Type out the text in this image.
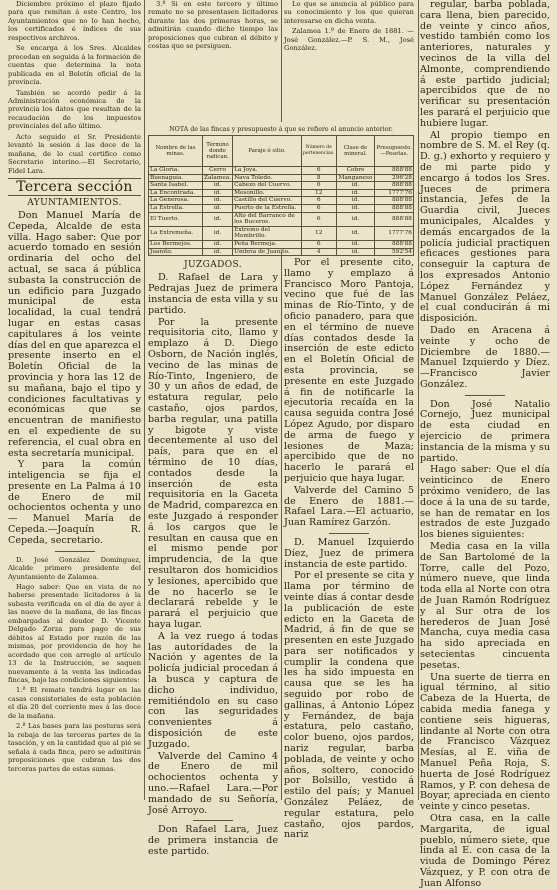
Diciembre próximo el plazo fijado para que remitan á este Centro, los Ayuntamientos que no lo han hecho, los certificados é índices de sus respectivos archivos.

Se encarga á los Sres. Alcaldes procedan en seguida á la formación de cuentas que determina la nota publicada en el Boletín oficial de la provincia.

También se acordó pedir á la Administración económica de la provincia los datos que resultan de la recaudación de los impuestos provinciales del año último.

Acto seguido el Sr. Presidente levantó la sesión á las doce de la mañana, de lo cual certifico como Secretario interino.—El Secretario, Fidel Lara.

Tercera sección
AYUNTAMIENTOS.

Don Manuel María de Cepeda, Alcalde de esta villa. Hago saber: Que por acuerdo tomado en sesión ordinaria del ocho del actual, se saca á pública subasta la construcción de un edificio para Juzgado municipal de esta localidad, la cual tendrá lugar en estas casas capitulares á los veinte días del en que aparezca el presente inserto en el Boletín Oficial de la provincia y hora las 12 de su mañana, bajo el tipo y condiciones facultativas y económicas que se encuentran de manifiesto en el expediente de su referencia, el cual obra en esta secretaría municipal.

Y para la común inteligencia se fija el presente en La Palma á 10 de Enero de mil ochocientos ochenta y uno — Manuel María de Cepeda.—Joaquín R. Cepeda, secretario.

D. José González Domínguez, Alcalde primero presidente del Ayuntamiento de Zalamea.

Hago saber: Que en vista de no haberse presentado licitadores á la subasta verificada en el día de ayer á las nueve de la mañana, de las fincas embargadas al deudor D. Vicente Delgado Zorza para pago de sus débitos al Estado por razón de las mismas, por providencia de hoy he acordado que con arreglo al artículo 13 de la Instrucción, se saquen nuevamente á la venta las indicadas fincas, bajo las condiciones siguientes:

1.ª El remate tendrá lugar en las casas consistoriales de esta población el día 20 del corriente mes á las doce de la mañana.

2.ª Las bases para las posturas será la rebaja de las terceras partes de la tasación, y en la cantidad que al pié se señala á cada finca, pero se admitirán proposiciones que cubran las dos terceras partes de estas sumas.

3.ª Si en este tercero y último remate no se presentasen licitadores durante las dos primeras horas, se admitirán cuando dicho tiempo las proposiciones que cubran el débito y costas que se persiguen.

Lo que se anuncia al público para su conocimiento y los que quieran interesarse en dicha venta.

Zalamea 1.º de Enero de 1881. —José González.—P. S. M., José González.

NOTA de las fincas y presupuesto á que se refiere el anuncio anterior.
Nombre de las minas.	Término donde radican.	Paraje ó sitio.	Número de pertenencias.	Clase de mineral.	Presupuesto.—Pesetas.
La Gloria.	Cerro	La Joya.	6	Cobre	888'88
Buenaguía.	Zalamea.	Nava Toledo.	8	Manganeso	296'28
Santa Isabel.	id.	Cabezo del Cuervo.	6	id.	888'88
La Encontrada.	id.	Mesonillo.	12	id.	1777'76
La Generosa.	id.	Castillo del Cuervo.	6	id.	888'88
La Estrella.	id.	Puerto de la Estrella.	6	id.	888'88
El Tuerto.	id.	Alto del Barranco de los Buceros.	6	id.	888'88
La Extremeña.	id.	Extremo del Membrillo.	12	id.	1777'76
Los Bermejos.	id.	Peña Bermeja.	6	id.	888'88
Juanito.	id.	Umbría de Juanito.	4	id.	592'54
JUZGADOS.

D. Rafael de Lara y Pedrajas Juez de primera instancia de esta villa y su partido.

Por la presente requisitoria cito, llamo y emplazo á D. Diego Osborn, de Nación inglés, vecino de las minas de Río-Tinto, Ingeniero, de 30 y un años de edad, de estatura regular, pelo castaño, ojos pardos, barba regular, una patilla y bigote y viste decentemente al uso del país, para que en el término de 10 días, contados desde la inserción de esta requisitoria en la Gaceta de Madrid, comparezca en este Juzgado á responder á los cargos que le resultan en causa que en el mismo pende por imprudencia, de la que resultaron dos homicidios y lesiones, apercibido que de no hacerlo se le declarará rebelde y le parará el perjuicio que haya lugar.

A la vez ruego á todas las autoridades de la Nación y agentes de la policía judicial procedan á la busca y captura de dicho individuo, remitiéndolo en su caso con las seguridades convenientes á disposición de este Juzgado.

Valverde del Camino 4 de Enero de mil ochocientos ochenta y uno.—Rafael Lara.—Por mandado de su Señoría, José Arroyo.

Don Rafael Lara, Juez de primera instancia de este partido.

Por el presente cito, llamo y emplazo á Francisco Moro Pantoja, vecino que fué de las minas de Río-Tinto, y de oficio panadero, para que en el término de nueve días contados desde la inserción de este edicto en el Boletín Oficial de esta provincia, se presente en este Juzgado á fin de notificarle la ejecutoria recaída en la causa seguida contra José López Agudo, por disparo de arma de fuego y lesiones de Maza; apercibido que de no hacerlo le parará el perjuicio que haya lugar.

Valverde del Camino 5 de Enero de 1881.—Rafael Lara.—El actuario, Juan Ramírez Garzón.

D. Manuel Izquierdo Díez, Juez de primera instancia de este partido.

Por el presente se cita y llama por término de veinte días á contar desde la publicación de este edicto en la Gaceta de Madrid, á fin de que se presenten en este Juzgado para ser notificados y cumplir la condena que les ha sido impuesta en causa que se les ha seguido por robo de gallinas, á Antonio López y Fernández, de baja estatura, pelo castaño, color bueno, ojos pardos, nariz regular, barba poblada, de veinte y ocho años, soltero, conocido por Bolsillo, vestido á estilo del país; y Manuel González Peláez, de regular estatura, pelo castaño, ojos pardos, nariz

regular, barba poblada, cara llena, bien parecido, de veinte y cinco años, vestido también como los anteriores, naturales y vecinos de la villa del Almonte, comprendiendo á este partido judicial; apercibidos que de no verificar su presentación les parará el perjuicio que hubiere lugar.

Al propio tiempo en nombre de S. M. el Rey (q. D. g.) exhorto y requiero y de mi parte pido y encargo á todos los Sres. Jueces de primera instancia, Jefes de la Guardia civil, Jueces municipales, Alcaldes y demás encargados de la policía judicial practiquen eficaces gestiones para conseguir la captura de los expresados Antonio López Fernández y Manuel González Peláez, el cual conducirán á mi disposición.

Dado en Aracena á veinte y ocho de Diciembre de 1880.—Manuel Izquierdo y Díez.—Francisco Javier González.

Don José Natalio Cornejo, Juez municipal de esta ciudad en ejercicio de primera instancia de la misma y su partido.

Hago saber: Que el día veinticinco de Enero próximo venidero, de las doce á la una de su tarde, se han de rematar en los estrados de este Juzgado los bienes siguientes:

Media casa en la villa de San Bartolomé de la Torre, calle del Pozo, número nueve, que linda toda ella al Norte con otra de Juan Ramón Rodríguez y al Sur otra de los herederos de Juan José Mancha, cuya media casa ha sido apreciada en setecientas cincuenta pesetas.

Una suerte de tierra en igual término, al sitio Cabeza de la Huerta, de cabida media fanega y contiene seis higueras, lindante al Norte con otra de Francisco Vázquez Mesías, al E. viña de Manuel Peña Roja, S. huerta de José Rodríguez Ramos, y P. con dehesa de Boyar, apreciada en ciento veinte y cinco pesetas.

Otra casa, en la calle Margarita, de igual pueblo, número siete, que linda al E. con casa de la viuda de Domingo Pérez Vázquez, y P. con otra de Juan Alfonso
